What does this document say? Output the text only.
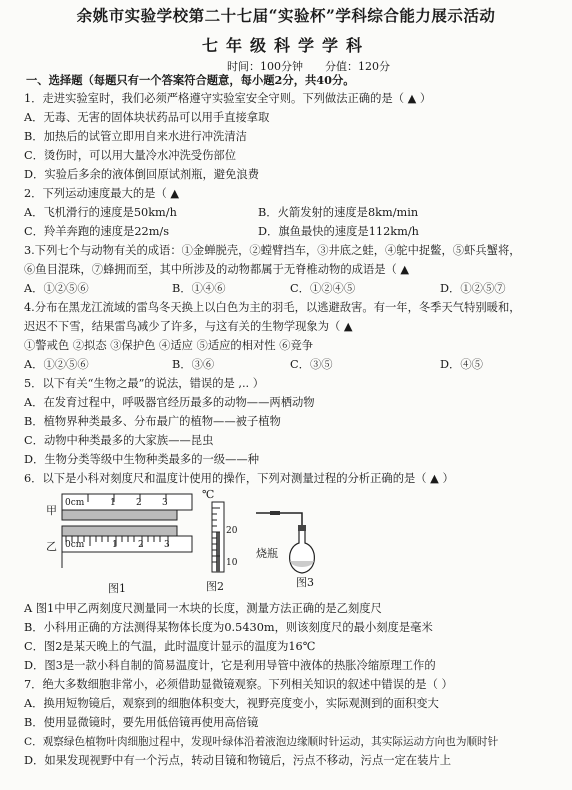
余姚市实验学校第二十七届“实验杯”学科综合能力展示活动
七年级科学学科
时间：100分钟 分值：120分
一、选择题（每题只有一个答案符合题意，每小题2分，共40分。
1．走进实验室时，我们必须严格遵守实验室安全守则。下列做法正确的是（ ▲ ）
A．无毒、无害的固体块状药品可以用手直接拿取
B．加热后的试管立即用自来水进行冲洗清洁
C．烫伤时，可以用大量冷水冲洗受伤部位
D．实验后多余的液体倒回原试剂瓶，避免浪费
2．下列运动速度最大的是（ ▲
A．飞机滑行的速度是50km/h	B．火箭发射的速度是8km/min
C．羚羊奔跑的速度是22m/s	D．旗鱼最快的速度是112km/h
3.下列七个与动物有关的成语：①金蝉脱壳，②螳臂挡车，③井底之蛙，④鸵中捉鳖，⑤虾兵蟹将，
⑥鱼目混珠，⑦蜂拥而至，其中所涉及的动物都属于无脊椎动物的成语是（ ▲
A．①②⑤⑥	B．①④⑥	C．①②④⑤	D．①②⑤⑦
4.分布在黑龙江流域的雷鸟冬天换上以白色为主的羽毛，以逃避敌害。有一年，冬季天气特别暖和，
迟迟不下雪，结果雷鸟减少了许多，与这有关的生物学现象为（ ▲
①警戒色 ②拟态 ③保护色 ④适应 ⑤适应的相对性 ⑥竞争
A．①②⑤⑥	B．③⑥	C．③⑤	D．④⑤
5．以下有关“生物之最”的说法，错误的是 ,.. ）
A．在发育过程中，呼吸器官经历最多的动物——两栖动物
B．植物界种类最多、分布最广的植物——被子植物
C．动物中种类最多的大家族——昆虫
D．生物分类等级中生物种类最多的一级——种
6．以下是小科对刻度尺和温度计使用的操作，下列对测量过程的分析正确的是（ ▲ ）
甲
乙
0cm	1 2 3
0cm	1 2 3
图1
℃
20
10
图2
烧瓶
图3
A 图1中甲乙两刻度尺测量同一木块的长度，测量方法正确的是乙刻度尺
B．小科用正确的方法测得某物体长度为0.5430m，则该刻度尺的最小刻度是毫米
C．图2是某天晚上的气温，此时温度计显示的温度为16℃
D．图3是一款小科自制的简易温度计，它是利用导管中液体的热胀冷缩原理工作的
7．绝大多数细胞非常小，必须借助显微镜观察。下列相关知识的叙述中错误的是（ ）
A．换用短物镜后，观察到的细胞体积变大，视野亮度变小，实际观测到的面积变大
B．使用显微镜时，要先用低倍镜再使用高倍镜
C．观察绿色植物叶肉细胞过程中，发现叶绿体沿着液泡边缘顺时针运动，其实际运动方向也为顺时针
D．如果发现视野中有一个污点，转动目镜和物镜后，污点不移动，污点一定在装片上
